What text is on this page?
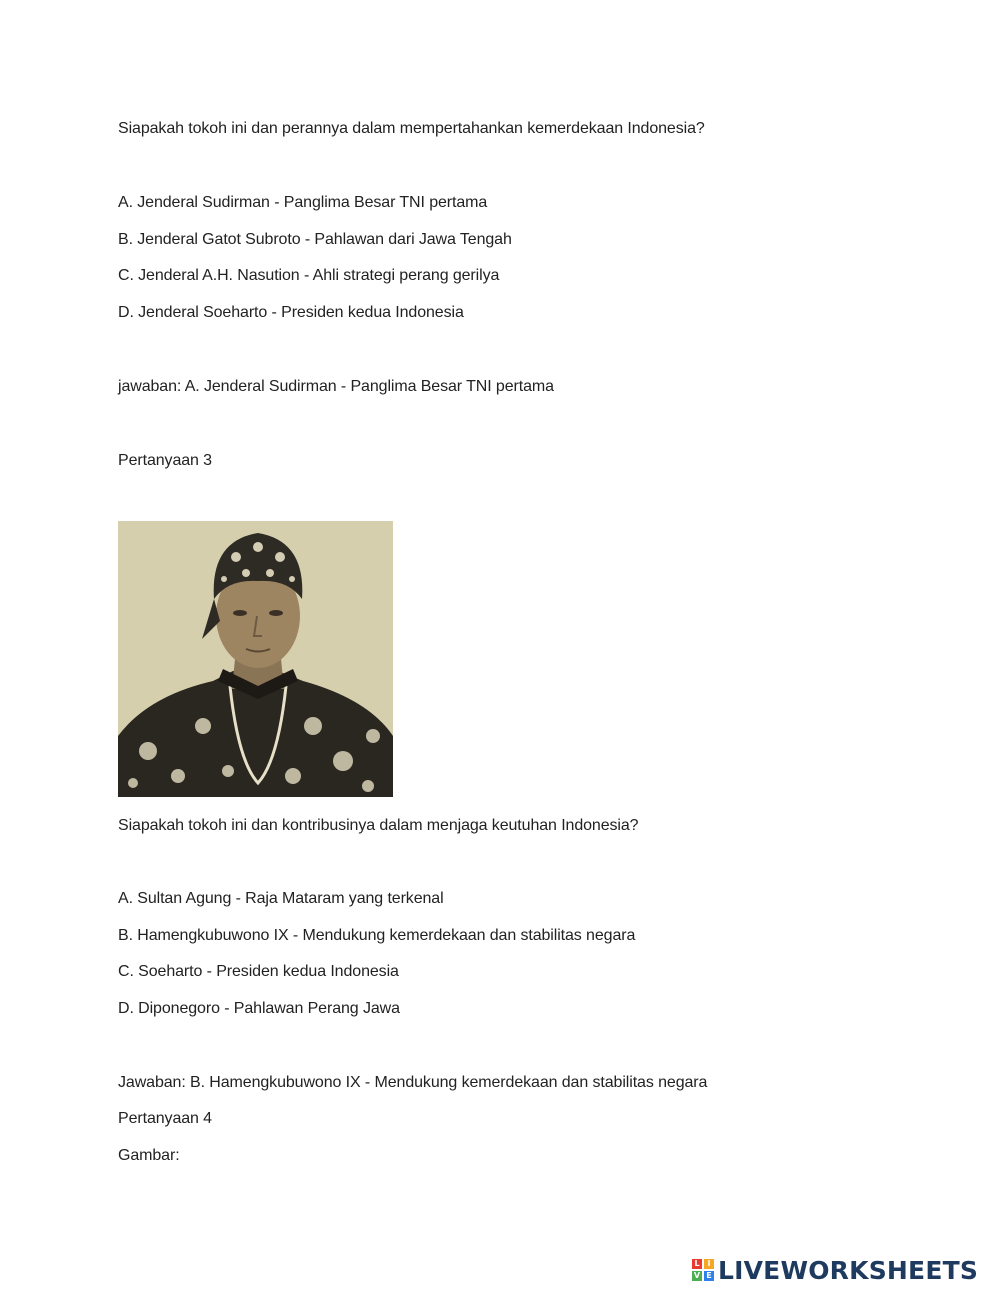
Siapakah tokoh ini dan perannya dalam mempertahankan kemerdekaan Indonesia?
A. Jenderal Sudirman - Panglima Besar TNI pertama
B. Jenderal Gatot Subroto - Pahlawan dari Jawa Tengah
C. Jenderal A.H. Nasution - Ahli strategi perang gerilya
D. Jenderal Soeharto - Presiden kedua Indonesia
jawaban: A. Jenderal Sudirman - Panglima Besar TNI pertama
Pertanyaan 3
Siapakah tokoh ini dan kontribusinya dalam menjaga keutuhan Indonesia?
A. Sultan Agung - Raja Mataram yang terkenal
B. Hamengkubuwono IX - Mendukung kemerdekaan dan stabilitas negara
C. Soeharto - Presiden kedua Indonesia
D. Diponegoro - Pahlawan Perang Jawa
Jawaban: B. Hamengkubuwono IX - Mendukung kemerdekaan dan stabilitas negara
Pertanyaan 4
Gambar:
L I
V E LIVEWORKSHEETS
